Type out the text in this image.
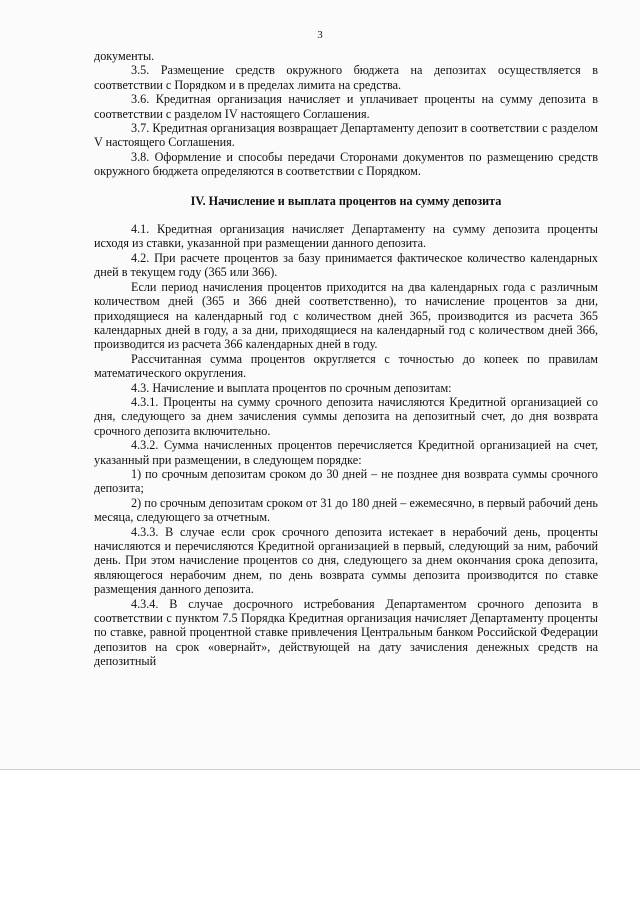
3

документы.

3.5. Размещение средств окружного бюджета на депозитах осуществляется в соответствии с Порядком и в пределах лимита на средства.

3.6. Кредитная организация начисляет и уплачивает проценты на сумму депозита в соответствии с разделом IV настоящего Соглашения.

3.7. Кредитная организация возвращает Департаменту депозит в соответствии с разделом V настоящего Соглашения.

3.8. Оформление и способы передачи Сторонами документов по размещению средств окружного бюджета определяются в соответствии с Порядком.

IV. Начисление и выплата процентов на сумму депозита

4.1. Кредитная организация начисляет Департаменту на сумму депозита проценты исходя из ставки, указанной при размещении данного депозита.

4.2. При расчете процентов за базу принимается фактическое количество календарных дней в текущем году (365 или 366).

Если период начисления процентов приходится на два календарных года с различным количеством дней (365 и 366 дней соответственно), то начисление процентов за дни, приходящиеся на календарный год с количеством дней 365, производится из расчета 365 календарных дней в году, а за дни, приходящиеся на календарный год с количеством дней 366, производится из расчета 366 календарных дней в году.

Рассчитанная сумма процентов округляется с точностью до копеек по правилам математического округления.

4.3. Начисление и выплата процентов по срочным депозитам:

4.3.1. Проценты на сумму срочного депозита начисляются Кредитной организацией со дня, следующего за днем зачисления суммы депозита на депозитный счет, до дня возврата срочного депозита включительно.

4.3.2. Сумма начисленных процентов перечисляется Кредитной организацией на счет, указанный при размещении, в следующем порядке:

1) по срочным депозитам сроком до 30 дней – не позднее дня возврата суммы срочного депозита;

2) по срочным депозитам сроком от 31 до 180 дней – ежемесячно, в первый рабочий день месяца, следующего за отчетным.

4.3.3. В случае если срок срочного депозита истекает в нерабочий день, проценты начисляются и перечисляются Кредитной организацией в первый, следующий за ним, рабочий день. При этом начисление процентов со дня, следующего за днем окончания срока депозита, являющегося нерабочим днем, по день возврата суммы депозита производится по ставке размещения данного депозита.

4.3.4. В случае досрочного истребования Департаментом срочного депозита в соответствии с пунктом 7.5 Порядка Кредитная организация начисляет Департаменту проценты по ставке, равной процентной ставке привлечения Центральным банком Российской Федерации депозитов на срок «овернайт», действующей на дату зачисления денежных средств на депозитный
